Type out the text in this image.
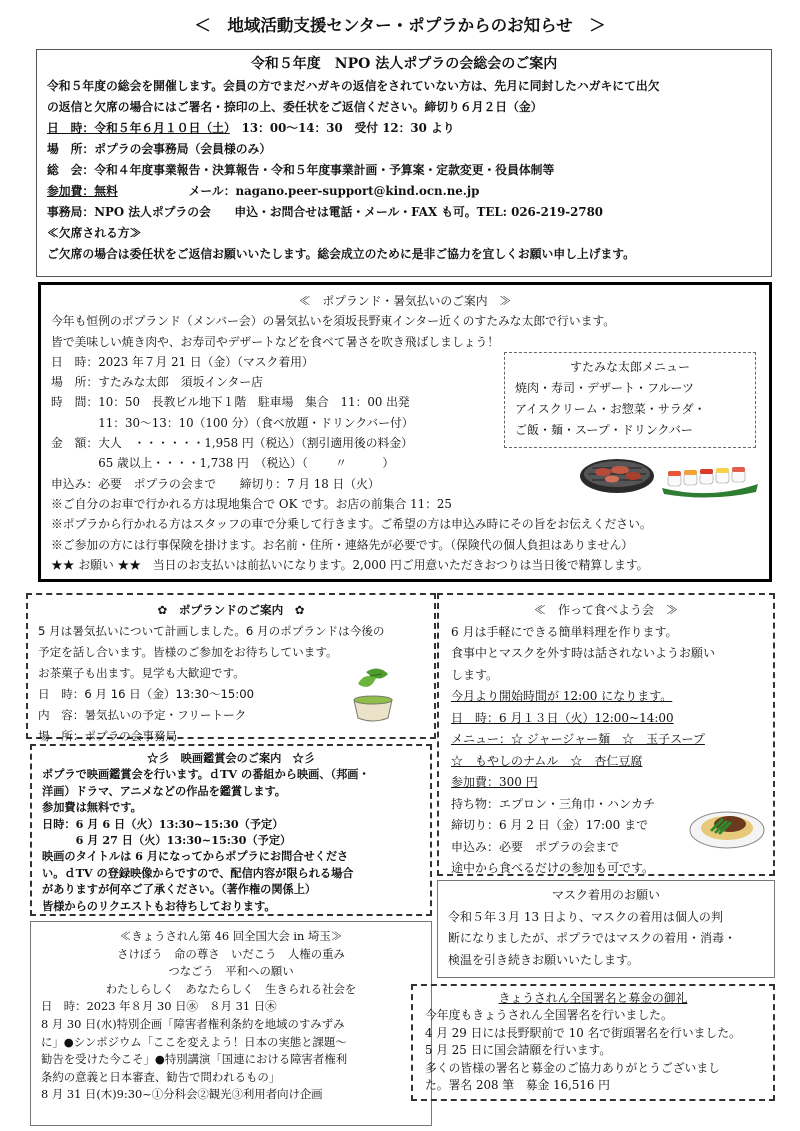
＜　地域活動支援センター・ポプラからのお知らせ　＞
令和５年度　NPO 法人ポプラの会総会のご案内
令和５年度の総会を開催します。会員の方でまだハガキの返信をされていない方は、先月に同封したハガキにて出欠
の返信と欠席の場合にはご署名・捺印の上、委任状をご返信ください。締切り６月２日（金）
日　時：令和５年６月１０日（土）　13：00～14：30　受付 12：30 より
場　所：ポプラの会事務局（会員様のみ）
総　会：令和４年度事業報告・決算報告・令和５年度事業計画・予算案・定款変更・役員体制等
参加費：無料　　　　　　メール：nagano.peer-support@kind.ocn.ne.jp
事務局：NPO 法人ポプラの会　　申込・お問合せは電話・メール・FAX も可。TEL: 026-219-2780
≪欠席される方≫
ご欠席の場合は委任状をご返信お願いいたします。総会成立のために是非ご協力を宜しくお願い申し上げます。
≪　ポプランド・暑気払いのご案内　≫
今年も恒例のポプランド（メンバー会）の暑気払いを須坂長野東インター近くのすたみな太郎で行います。
皆で美味しい焼き肉や、お寿司やデザートなどを食べて暑さを吹き飛ばしましょう！
日　時：2023 年７月 21 日（金）（マスク着用）
場　所：すたみな太郎　須坂インター店
時　間：10：50　長教ビル地下１階　駐車場　集合　11：00 出発
　　　　11：30～13：10（100 分）（食べ放題・ドリンクバー付）
金　額：大人　・・・・・・1,958 円（税込）（割引適用後の料金）
　　　　65 歳以上・・・・1,738 円　（税込）（　　 〃　　　）
申込み：必要　ポプラの会まで　　締切り：7 月 18 日（火）
※ご自分のお車で行かれる方は現地集合で OK です。お店の前集合 11：25
※ポプラから行かれる方はスタッフの車で分乗して行きます。ご希望の方は申込み時にその旨をお伝えください。
※ご参加の方には行事保険を掛けます。お名前・住所・連絡先が必要です。（保険代の個人負担はありません）
★★ お願い ★★　当日のお支払いは前払いになります。2,000 円ご用意いただきおつりは当日後で精算します。
すたみな太郎メニュー
焼肉・寿司・デザート・フルーツ
アイスクリーム・お惣菜・サラダ・
ご飯・麺・スープ・ドリンクバー
✿　ポプランドのご案内　✿
5 月は暑気払いについて計画しました。6 月のポプランドは今後の
予定を話し合います。皆様のご参加をお待ちしています。
お茶菓子も出ます。見学も大歓迎です。
日　時：6 月 16 日（金）13:30～15:00
内　容：暑気払いの予定・フリートーク
場　所：ポプラの会事務局
☆彡　映画鑑賞会のご案内　☆彡
ポプラで映画鑑賞会を行います。ｄTV の番組から映画、（邦画・
洋画）ドラマ、アニメなどの作品を鑑賞します。
参加費は無料です。
日時：6 月 6 日（火）13:30~15:30（予定）
　　　6 月 27 日（火）13:30~15:30（予定）
映画のタイトルは 6 月になってからポプラにお問合せくださ
い。ｄTV の登録映像からですので、配信内容が限られる場合
がありますが何卒ご了承ください。（著作権の関係上）
皆様からのリクエストもお待ちしております。
≪　作って食べよう会　≫
6 月は手軽にできる簡単料理を作ります。
食事中とマスクを外す時は話されないようお願い
します。
今月より開始時間が 12:00 になります。
日　時：6 月１３日（火）12:00~14:00
メニュー：☆ ジャージャー麺　☆　玉子スープ
☆　もやしのナムル　☆　杏仁豆腐
参加費：300 円
持ち物：エプロン・三角巾・ハンカチ
締切り：6 月 2 日（金）17:00 まで
申込み：必要　ポプラの会まで
途中から食べるだけの参加も可です。
マスク着用のお願い
令和５年３月 13 日より、マスクの着用は個人の判
断になりましたが、ポプラではマスクの着用・消毒・
検温を引き続きお願いいたします。
≪きょうされん第 46 回全国大会 in 埼玉≫
さけぼう　命の尊さ　いだこう　人権の重み
つなごう　平和への願い
わたしらしく　あなたらしく　生きられる社会を
日　時：2023 年８月 30 日㊌　８月 31 日㊍
8 月 30 日(水)特別企画「障害者権利条約を地域のすみずみ
に」●シンポジウム「ここを変えよう！日本の実態と課題～
勧告を受けた今こそ」●特別講演「国連における障害者権利
条約の意義と日本審査、勧告で問われるもの」
8 月 31 日(木)9:30~①分科会②観光③利用者向け企画
きょうされん全国署名と募金の御礼
今年度もきょうされん全国署名を行いました。
4 月 29 日には長野駅前で 10 名で街頭署名を行いました。
5 月 25 日に国会請願を行います。
多くの皆様の署名と募金のご協力ありがとうございまし
た。署名 208 筆　募金 16,516 円
